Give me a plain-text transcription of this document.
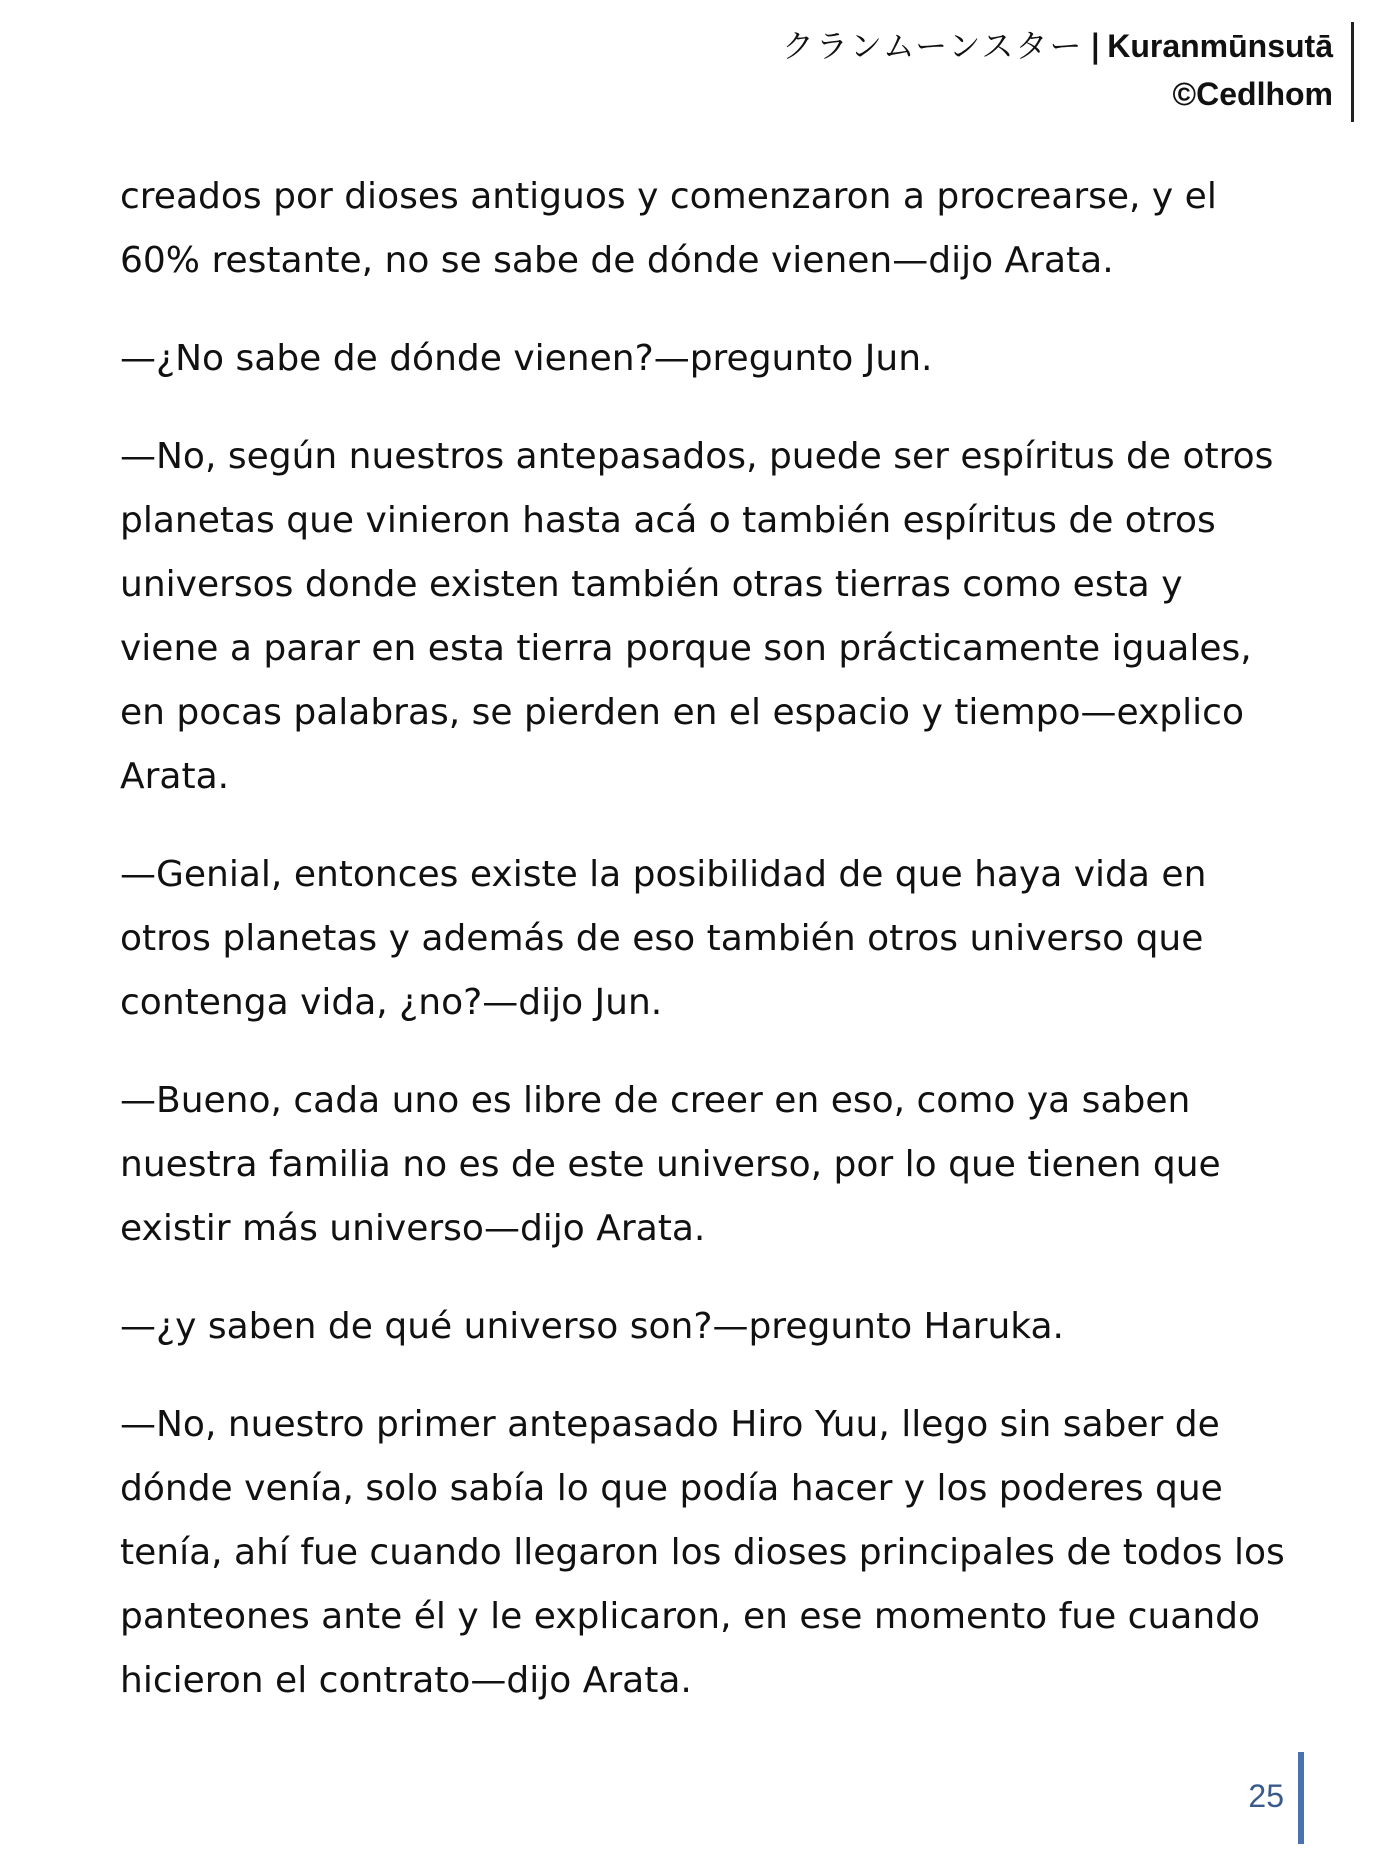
クランムーンスター | Kuranmūnsutā
©Cedlhom

creados por dioses antiguos y comenzaron a procrearse, y el 60% restante, no se sabe de dónde vienen—dijo Arata.

—¿No sabe de dónde vienen?—pregunto Jun.

—No, según nuestros antepasados, puede ser espíritus de otros planetas que vinieron hasta acá o también espíritus de otros universos donde existen también otras tierras como esta y viene a parar en esta tierra porque son prácticamente iguales, en pocas palabras, se pierden en el espacio y tiempo—explico Arata.

—Genial, entonces existe la posibilidad de que haya vida en otros planetas y además de eso también otros universo que contenga vida, ¿no?—dijo Jun.

—Bueno, cada uno es libre de creer en eso, como ya saben nuestra familia no es de este universo, por lo que tienen que existir más universo—dijo Arata.

—¿y saben de qué universo son?—pregunto Haruka.

—No, nuestro primer antepasado Hiro Yuu, llego sin saber de dónde venía, solo sabía lo que podía hacer y los poderes que tenía, ahí fue cuando llegaron los dioses principales de todos los panteones ante él y le explicaron, en ese momento fue cuando hicieron el contrato—dijo Arata.

25
